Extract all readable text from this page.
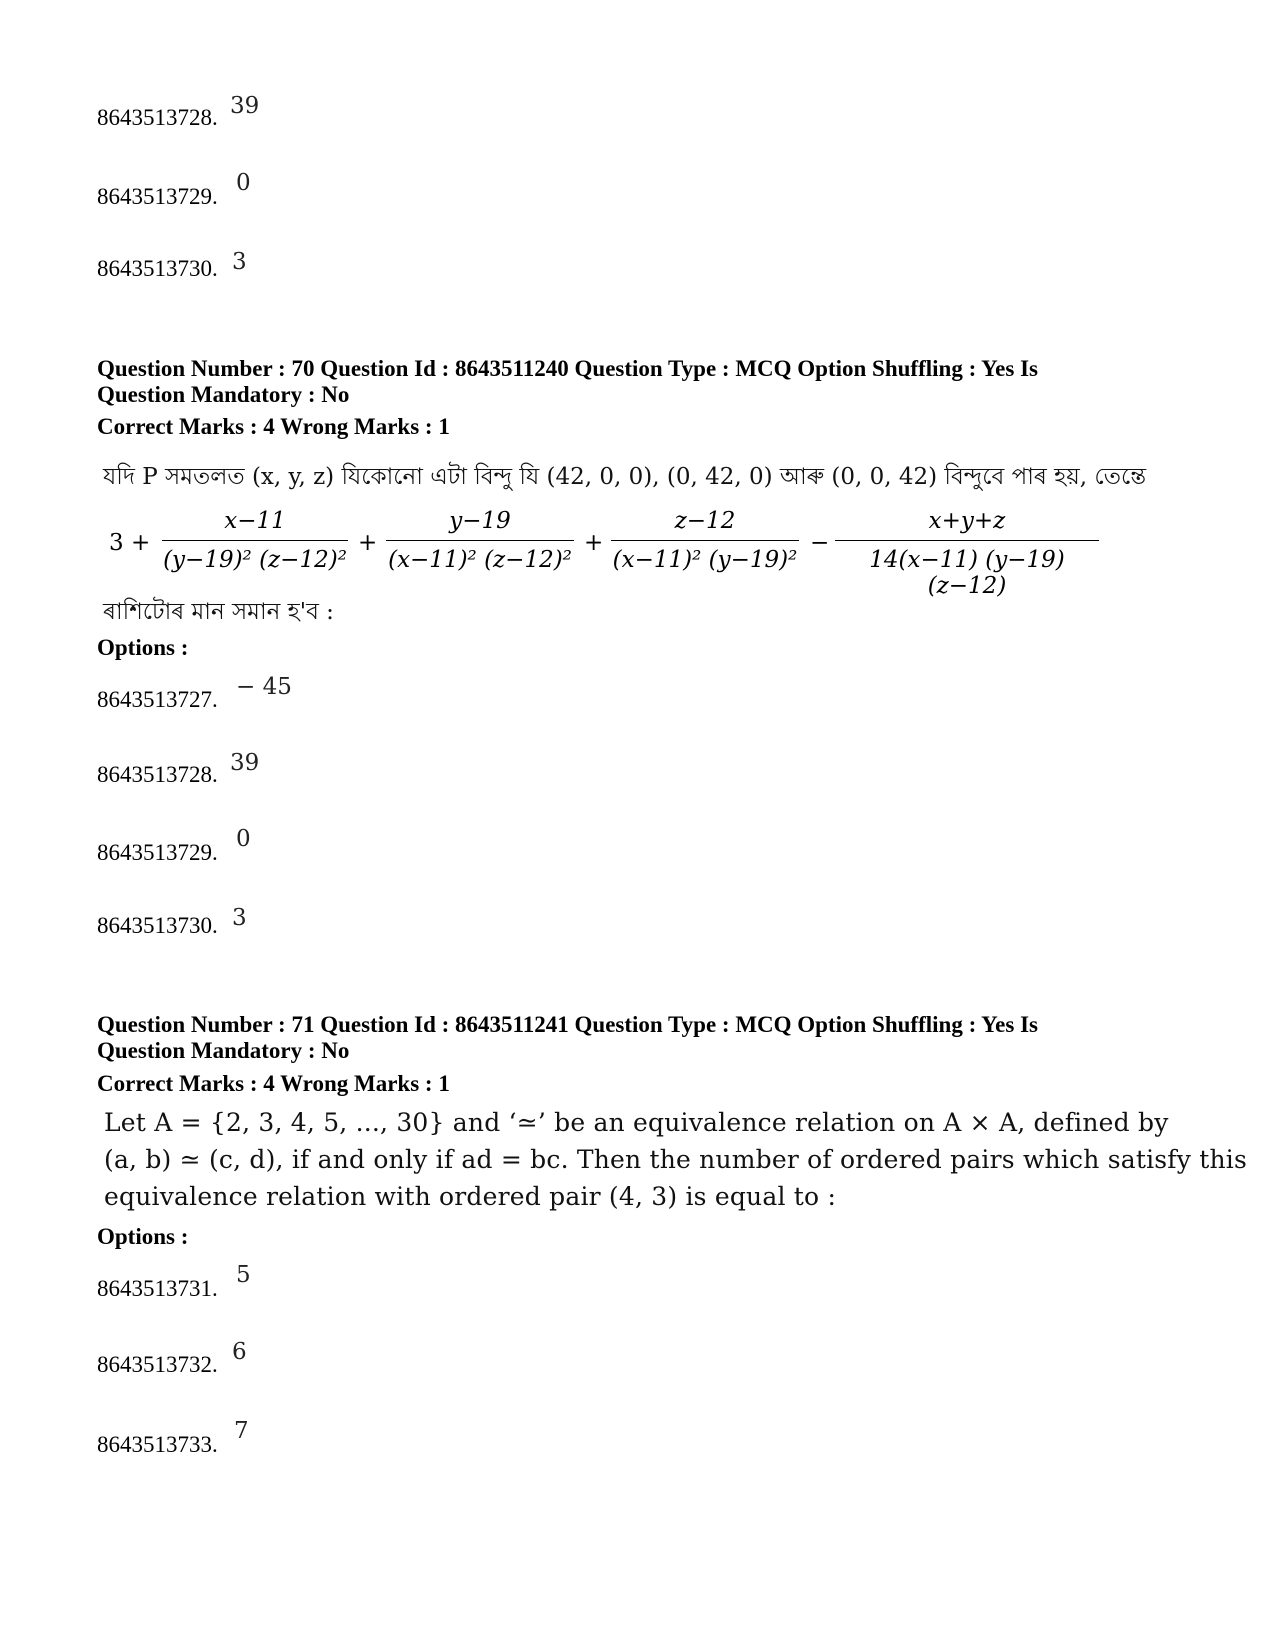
8643513728. 39
8643513729.
0
8643513730. 3
Question Number : 70 Question Id : 8643511240 Question Type : MCQ Option Shuffling : Yes Is
Question Mandatory : No
Correct Marks : 4 Wrong Marks : 1
যদি P সমতলত (x, y, z) যিকোনো এটা বিন্দু যি (42, 0, 0), (0, 42, 0) আৰু (0, 0, 42) বিন্দুবে পাৰ হয়, তেন্তে
$3 + \frac{x-11}{\text{(y−19)² (z−12)²}} + \frac{y-19}{\text{(x−11)² (z−12)²}} + \frac{z-12}{\text{(x−11)² (y−19)²}} - \frac{x+y+z}{14(x-11) (y-19) (z-12)}$
ৰাশিটোৰ মান সমান হ'ব :
Options :
8643513727. − 45
8643513728. 39
8643513729.
0
8643513730. 3
Question Number : 71 Question Id : 8643511241 Question Type : MCQ Option Shuffling : Yes Is
Question Mandatory : No
Correct Marks : 4 Wrong Marks : 1
Let A = {2, 3, 4, 5, ..., 30} and ‘≃’ be an equivalence relation on A × A, defined by
(a, b) ≃ (c, d), if and only if ad = bc. Then the number of ordered pairs which satisfy this
equivalence relation with ordered pair (4, 3) is equal to :
Options :
8643513731.
5
8643513732. 6
8643513733.
7
